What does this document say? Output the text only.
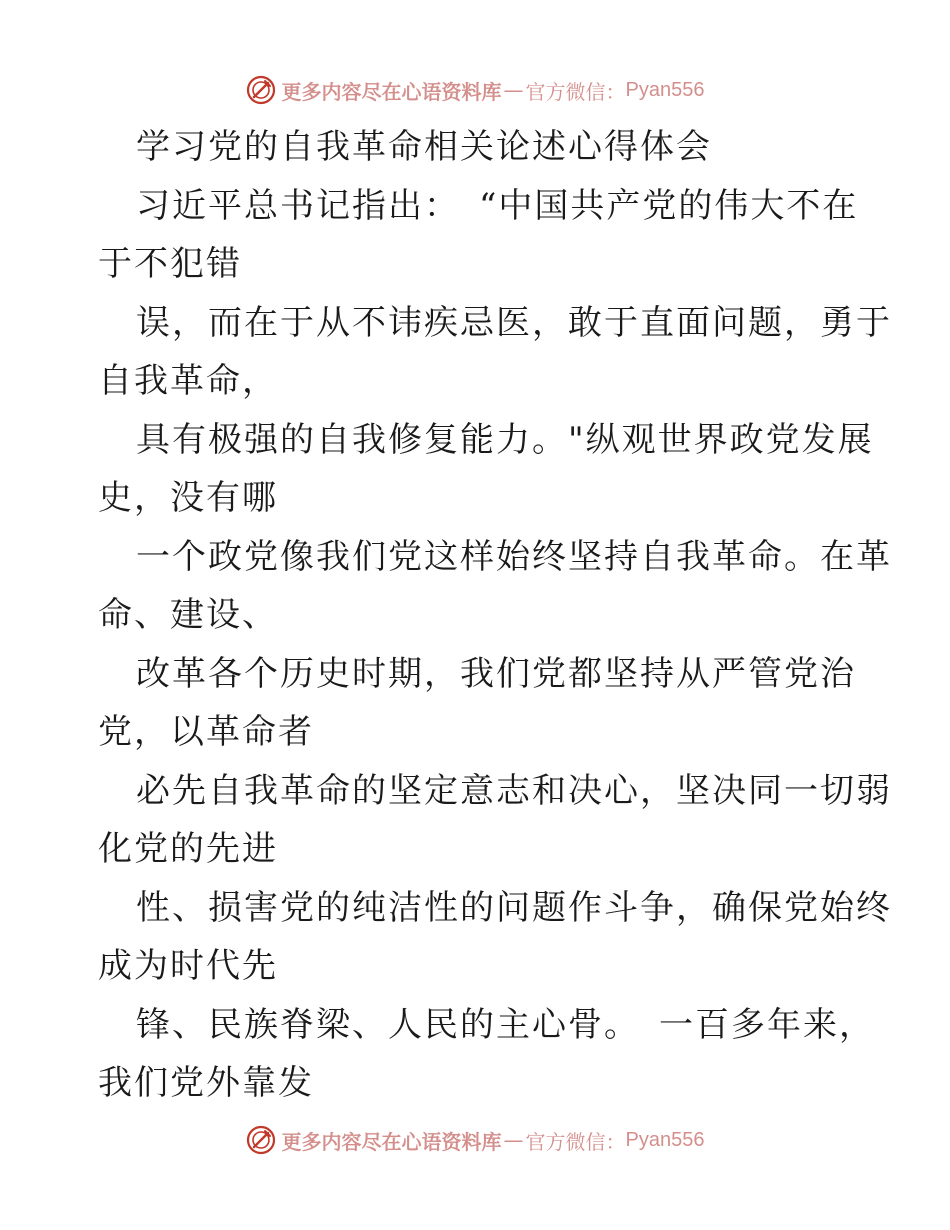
更多内容尽在心语资料库 — 官方微信： Pyan556
学习党的自我革命相关论述心得体会
习近平总书记指出：　“中国共产党的伟大不在
于不犯错
误，而在于从不讳疾忌医，敢于直面问题，勇于
自我革命，
具有极强的自我修复能力。"纵观世界政党发展
史，没有哪
一个政党像我们党这样始终坚持自我革命。在革
命、建设、
改革各个历史时期，我们党都坚持从严管党治
党，以革命者
必先自我革命的坚定意志和决心，坚决同一切弱
化党的先进
性、损害党的纯洁性的问题作斗争，确保党始终
成为时代先
锋、民族脊梁、人民的主心骨。　一百多年来，
我们党外靠发
更多内容尽在心语资料库 — 官方微信： Pyan556
